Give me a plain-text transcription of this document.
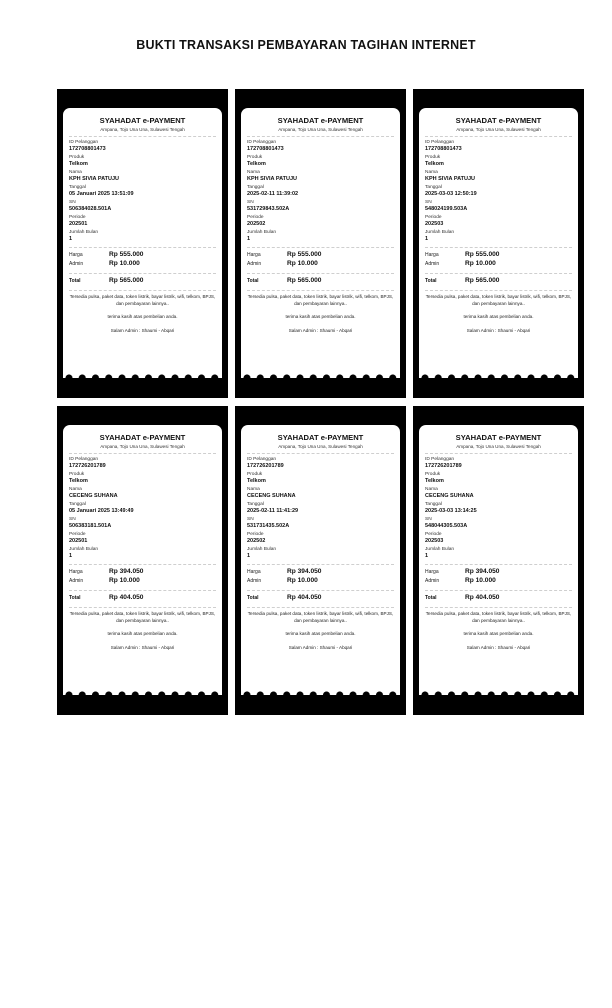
BUKTI TRANSAKSI PEMBAYARAN TAGIHAN INTERNET
SYAHADAT e-PAYMENT
Ampana, Tojo Una Una, Sulawesi Tengah
ID Pelanggan
172708801473
Produk
Telkom
Nama
KPH SIVIA PATUJU
Tanggal
05 Januari 2025 13:51:09
SN
506384028.501A
Periode
202501
Jumlah Bulan
1
Harga	Rp 555.000
Admin	Rp 10.000
Total	Rp 565.000
Tersedia pulsa, paket data, token listrik, bayar listrik, wifi, telkom, BPJS, dan pembayaran lainnya..
terima kasih atas pembelian anda.
Salam Admin : Shaumi - Abqari
SYAHADAT e-PAYMENT
Ampana, Tojo Una Una, Sulawesi Tengah
ID Pelanggan
172708801473
Produk
Telkom
Nama
KPH SIVIA PATUJU
Tanggal
2025-02-11 11:39:02
SN
531729843.502A
Periode
202502
Jumlah Bulan
1
Harga	Rp 555.000
Admin	Rp 10.000
Total	Rp 565.000
Tersedia pulsa, paket data, token listrik, bayar listrik, wifi, telkom, BPJS, dan pembayaran lainnya..
terima kasih atas pembelian anda.
Salam Admin : Shaumi - Abqari
SYAHADAT e-PAYMENT
Ampana, Tojo Una Una, Sulawesi Tengah
ID Pelanggan
172708801473
Produk
Telkom
Nama
KPH SIVIA PATUJU
Tanggal
2025-03-03 12:50:19
SN
548024199.503A
Periode
202503
Jumlah Bulan
1
Harga	Rp 555.000
Admin	Rp 10.000
Total	Rp 565.000
Tersedia pulsa, paket data, token listrik, bayar listrik, wifi, telkom, BPJS, dan pembayaran lainnya..
terima kasih atas pembelian anda.
Salam Admin : Shaumi - Abqari
SYAHADAT e-PAYMENT
Ampana, Tojo Una Una, Sulawesi Tengah
ID Pelanggan
172726201789
Produk
Telkom
Nama
CECENG SUHANA
Tanggal
05 Januari 2025 13:49:49
SN
506383181.501A
Periode
202501
Jumlah Bulan
1
Harga	Rp 394.050
Admin	Rp 10.000
Total	Rp 404.050
Tersedia pulsa, paket data, token listrik, bayar listrik, wifi, telkom, BPJS, dan pembayaran lainnya..
terima kasih atas pembelian anda.
Salam Admin : Shaumi - Abqari
SYAHADAT e-PAYMENT
Ampana, Tojo Una Una, Sulawesi Tengah
ID Pelanggan
172726201789
Produk
Telkom
Nama
CECENG SUHANA
Tanggal
2025-02-11 11:41:29
SN
531731435.502A
Periode
202502
Jumlah Bulan
1
Harga	Rp 394.050
Admin	Rp 10.000
Total	Rp 404.050
Tersedia pulsa, paket data, token listrik, bayar listrik, wifi, telkom, BPJS, dan pembayaran lainnya..
terima kasih atas pembelian anda.
Salam Admin : Shaumi - Abqari
SYAHADAT e-PAYMENT
Ampana, Tojo Una Una, Sulawesi Tengah
ID Pelanggan
172726201789
Produk
Telkom
Nama
CECENG SUHANA
Tanggal
2025-03-03 13:14:25
SN
548044305.503A
Periode
202503
Jumlah Bulan
1
Harga	Rp 394.050
Admin	Rp 10.000
Total	Rp 404.050
Tersedia pulsa, paket data, token listrik, bayar listrik, wifi, telkom, BPJS, dan pembayaran lainnya..
terima kasih atas pembelian anda.
Salam Admin : Shaumi - Abqari
